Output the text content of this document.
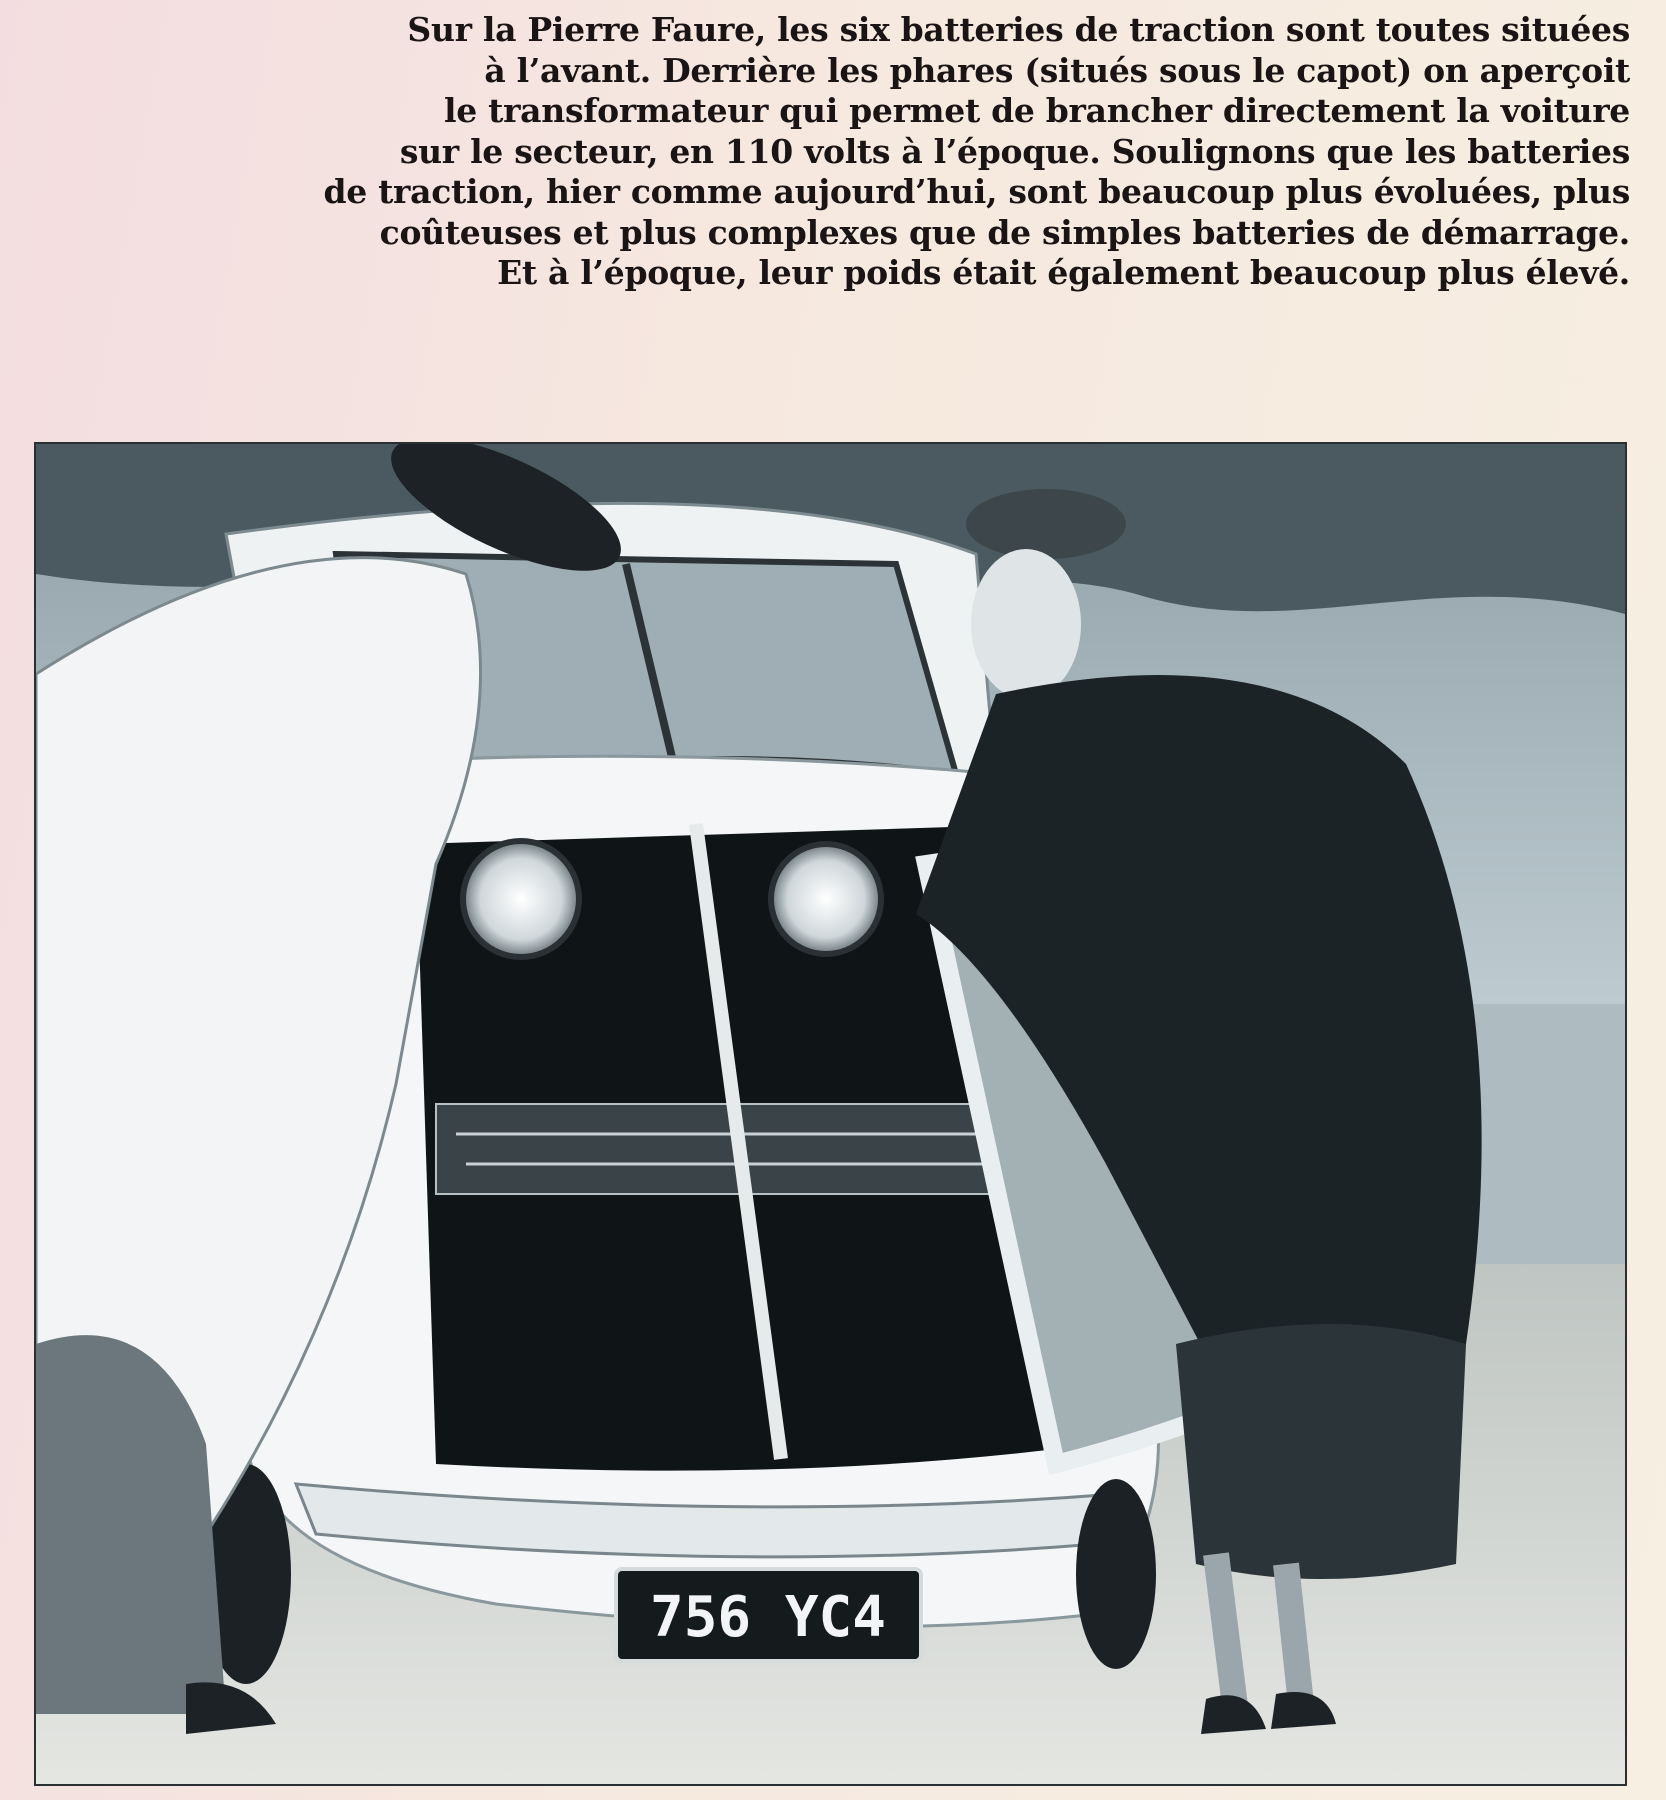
Sur la Pierre Faure, les six batteries de traction sont toutes situées
à l’avant. Derrière les phares (situés sous le capot) on aperçoit
le transformateur qui permet de brancher directement la voiture
sur le secteur, en 110 volts à l’époque. Soulignons que les batteries
de traction, hier comme aujourd’hui, sont beaucoup plus évoluées, plus
coûteuses et plus complexes que de simples batteries de démarrage.
Et à l’époque, leur poids était également beaucoup plus élevé.
756 YC4
